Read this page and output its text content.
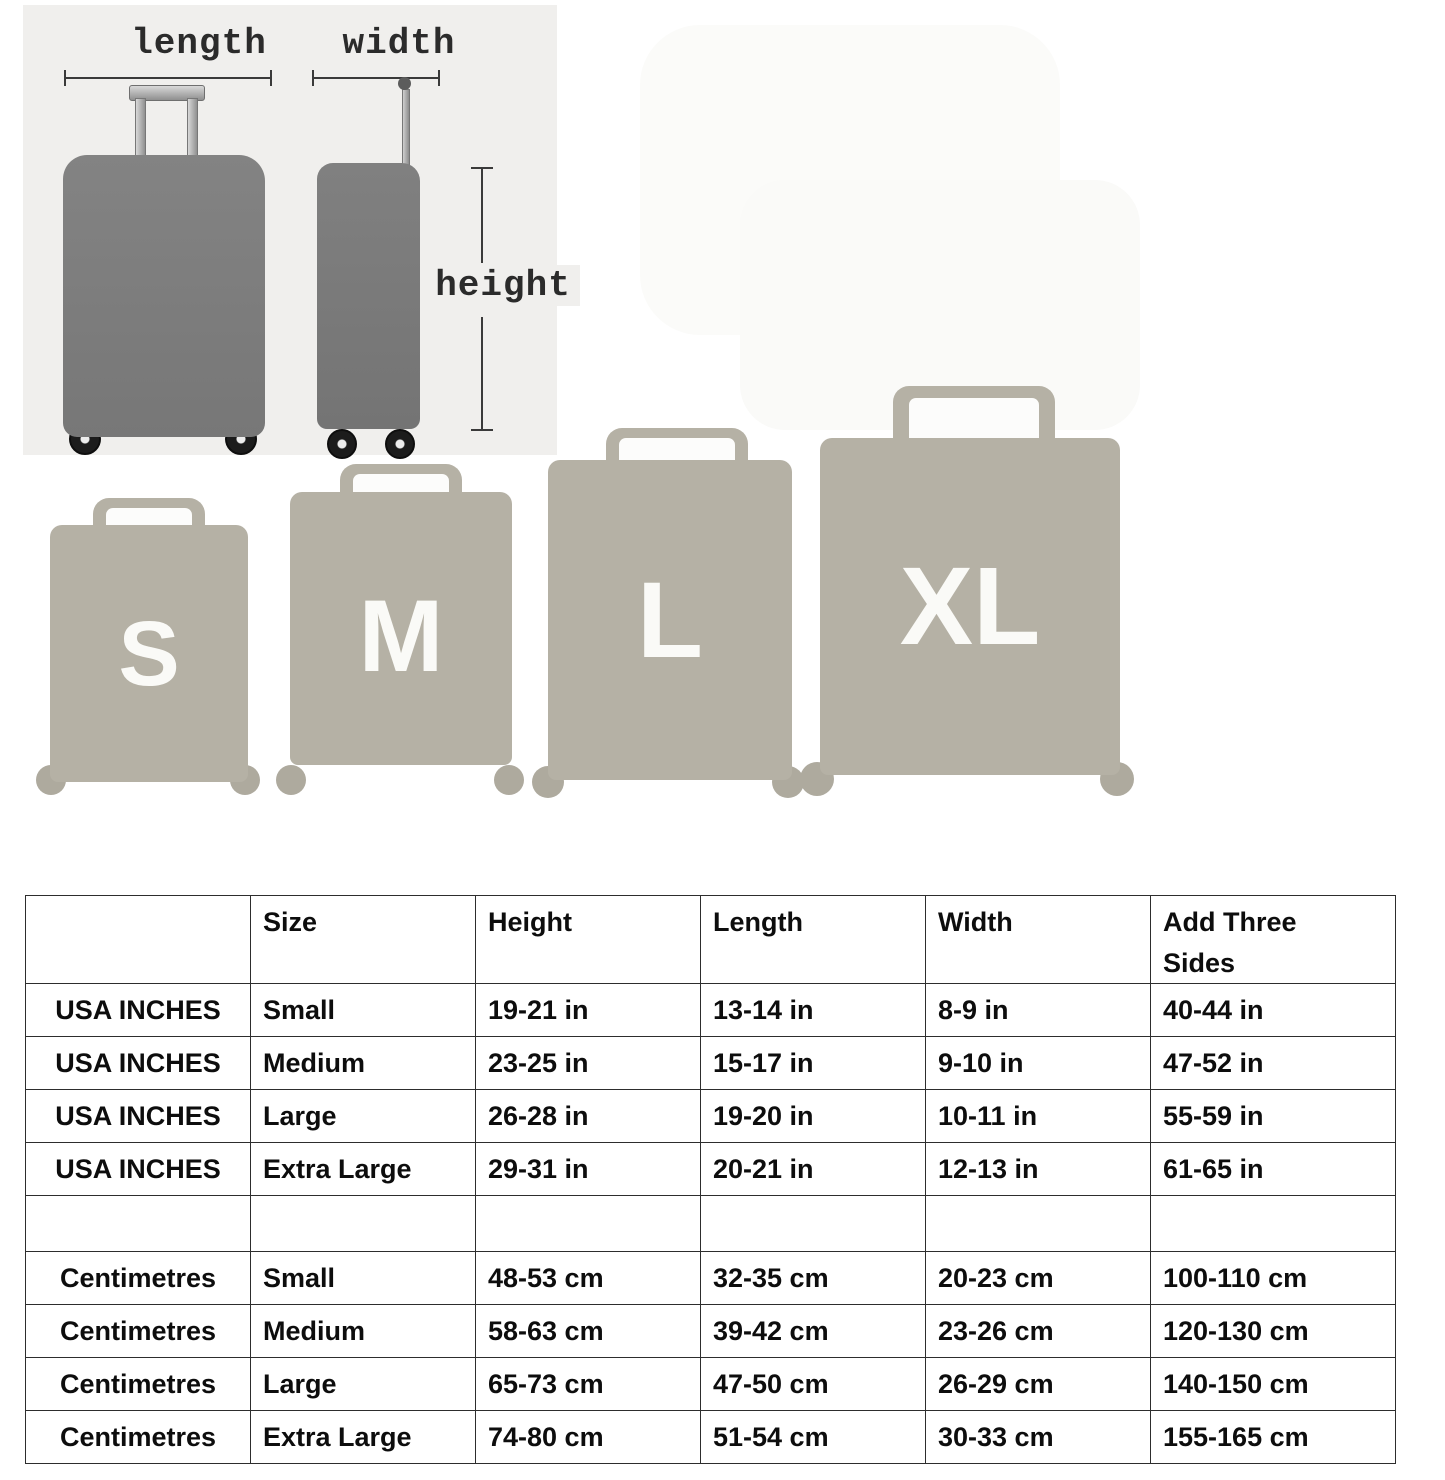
length	width
height
S M L XL
	Size	Height	Length	Width	Add Three Sides
USA INCHES	Small	19-21 in	13-14 in	8-9 in	40-44 in
USA INCHES	Medium	23-25 in	15-17 in	9-10 in	47-52 in
USA INCHES	Large	26-28 in	19-20 in	10-11 in	55-59 in
USA INCHES	Extra Large	29-31 in	20-21 in	12-13 in	61-65 in

Centimetres	Small	48-53 cm	32-35 cm	20-23 cm	100-110 cm
Centimetres	Medium	58-63 cm	39-42 cm	23-26 cm	120-130 cm
Centimetres	Large	65-73 cm	47-50 cm	26-29 cm	140-150 cm
Centimetres	Extra Large	74-80 cm	51-54 cm	30-33 cm	155-165 cm
